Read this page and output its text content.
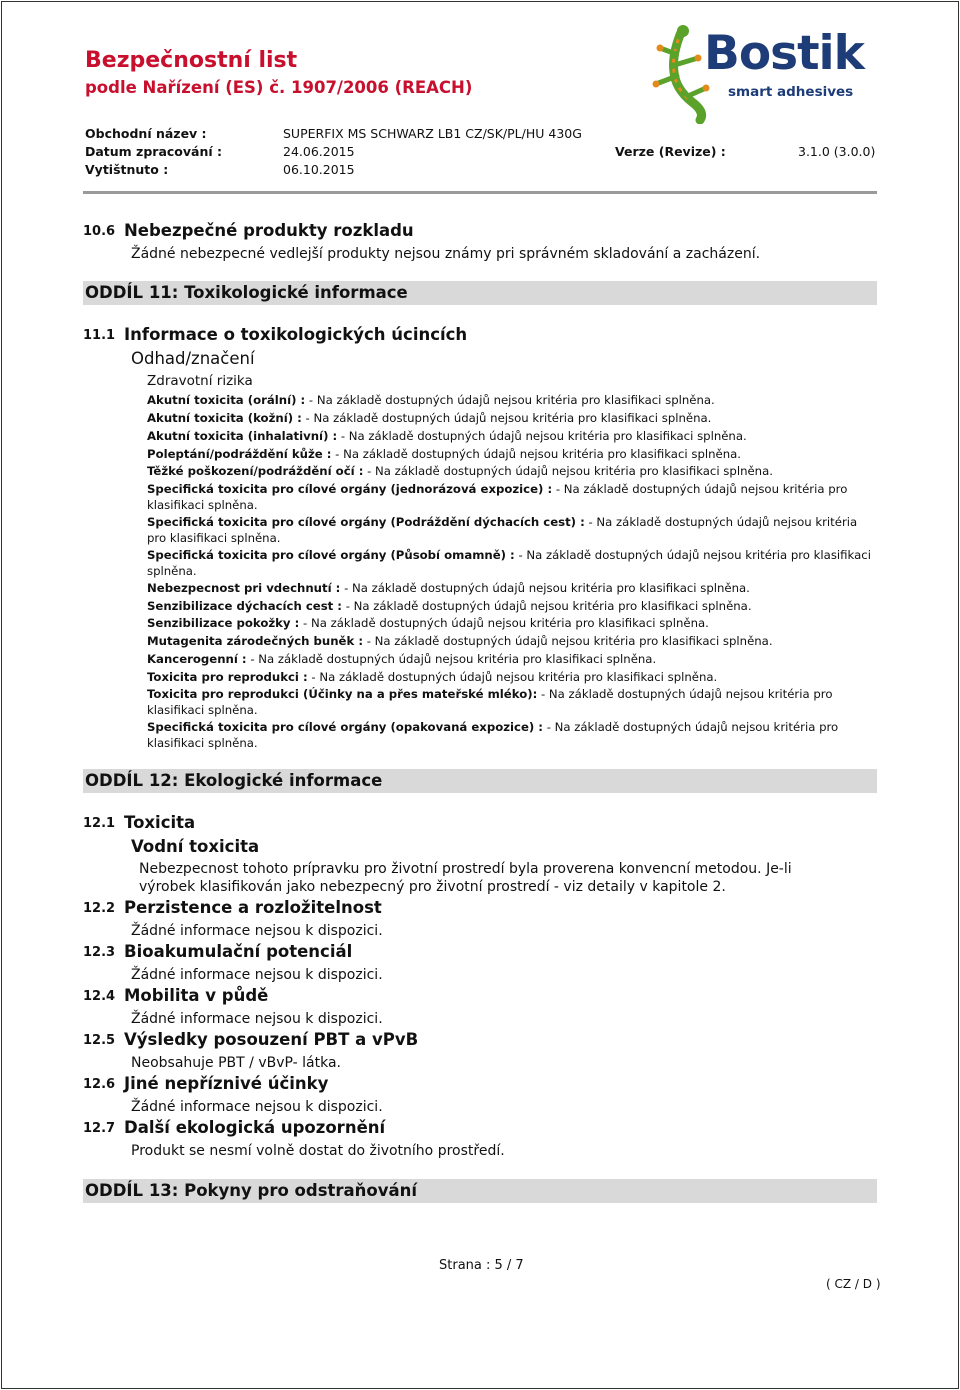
Bezpečnostní list
podle Nařízení (ES) č. 1907/2006 (REACH)
Bostik
smart adhesives
Obchodní název :	SUPERFIX MS SCHWARZ LB1 CZ/SK/PL/HU 430G
Datum zpracování :	24.06.2015	Verze (Revize) :	3.1.0 (3.0.0)
Vytištnuto :	06.10.2015
10.6 Nebezpečné produkty rozkladu
Žádné nebezpecné vedlejší produkty nejsou známy pri správném skladování a zacházení.
ODDÍL 11: Toxikologické informace
11.1 Informace o toxikologických úcincích
Odhad/značení
Zdravotní rizika
Akutní toxicita (orální) : - Na základě dostupných údajů nejsou kritéria pro klasifikaci splněna.
Akutní toxicita (kožní) : - Na základě dostupných údajů nejsou kritéria pro klasifikaci splněna.
Akutní toxicita (inhalativní) : - Na základě dostupných údajů nejsou kritéria pro klasifikaci splněna.
Poleptání/podráždění kůže : - Na základě dostupných údajů nejsou kritéria pro klasifikaci splněna.
Těžké poškození/podráždění očí : - Na základě dostupných údajů nejsou kritéria pro klasifikaci splněna.
Specifická toxicita pro cílové orgány (jednorázová expozice) : - Na základě dostupných údajů nejsou kritéria pro klasifikaci splněna.
Specifická toxicita pro cílové orgány (Podráždění dýchacích cest) : - Na základě dostupných údajů nejsou kritéria pro klasifikaci splněna.
Specifická toxicita pro cílové orgány (Působí omamně) : - Na základě dostupných údajů nejsou kritéria pro klasifikaci splněna.
Nebezpecnost pri vdechnutí : - Na základě dostupných údajů nejsou kritéria pro klasifikaci splněna.
Senzibilizace dýchacích cest : - Na základě dostupných údajů nejsou kritéria pro klasifikaci splněna.
Senzibilizace pokožky : - Na základě dostupných údajů nejsou kritéria pro klasifikaci splněna.
Mutagenita zárodečných buněk : - Na základě dostupných údajů nejsou kritéria pro klasifikaci splněna.
Kancerogenní : - Na základě dostupných údajů nejsou kritéria pro klasifikaci splněna.
Toxicita pro reprodukci : - Na základě dostupných údajů nejsou kritéria pro klasifikaci splněna.
Toxicita pro reprodukci (Účinky na a přes mateřské mléko): - Na základě dostupných údajů nejsou kritéria pro klasifikaci splněna.
Specifická toxicita pro cílové orgány (opakovaná expozice) : - Na základě dostupných údajů nejsou kritéria pro klasifikaci splněna.
ODDÍL 12: Ekologické informace
12.1 Toxicita
Vodní toxicita
Nebezpecnost tohoto prípravku pro životní prostredí byla proverena konvencní metodou. Je-li
výrobek klasifikován jako nebezpecný pro životní prostredí - viz detaily v kapitole 2.
12.2 Perzistence a rozložitelnost
Žádné informace nejsou k dispozici.
12.3 Bioakumulační potenciál
Žádné informace nejsou k dispozici.
12.4 Mobilita v půdě
Žádné informace nejsou k dispozici.
12.5 Výsledky posouzení PBT a vPvB
Neobsahuje PBT / vBvP- látka.
12.6 Jiné nepříznivé účinky
Žádné informace nejsou k dispozici.
12.7 Další ekologická upozornění
Produkt se nesmí volně dostat do životního prostředí.
ODDÍL 13: Pokyny pro odstraňování
Strana : 5 / 7
( CZ / D )
